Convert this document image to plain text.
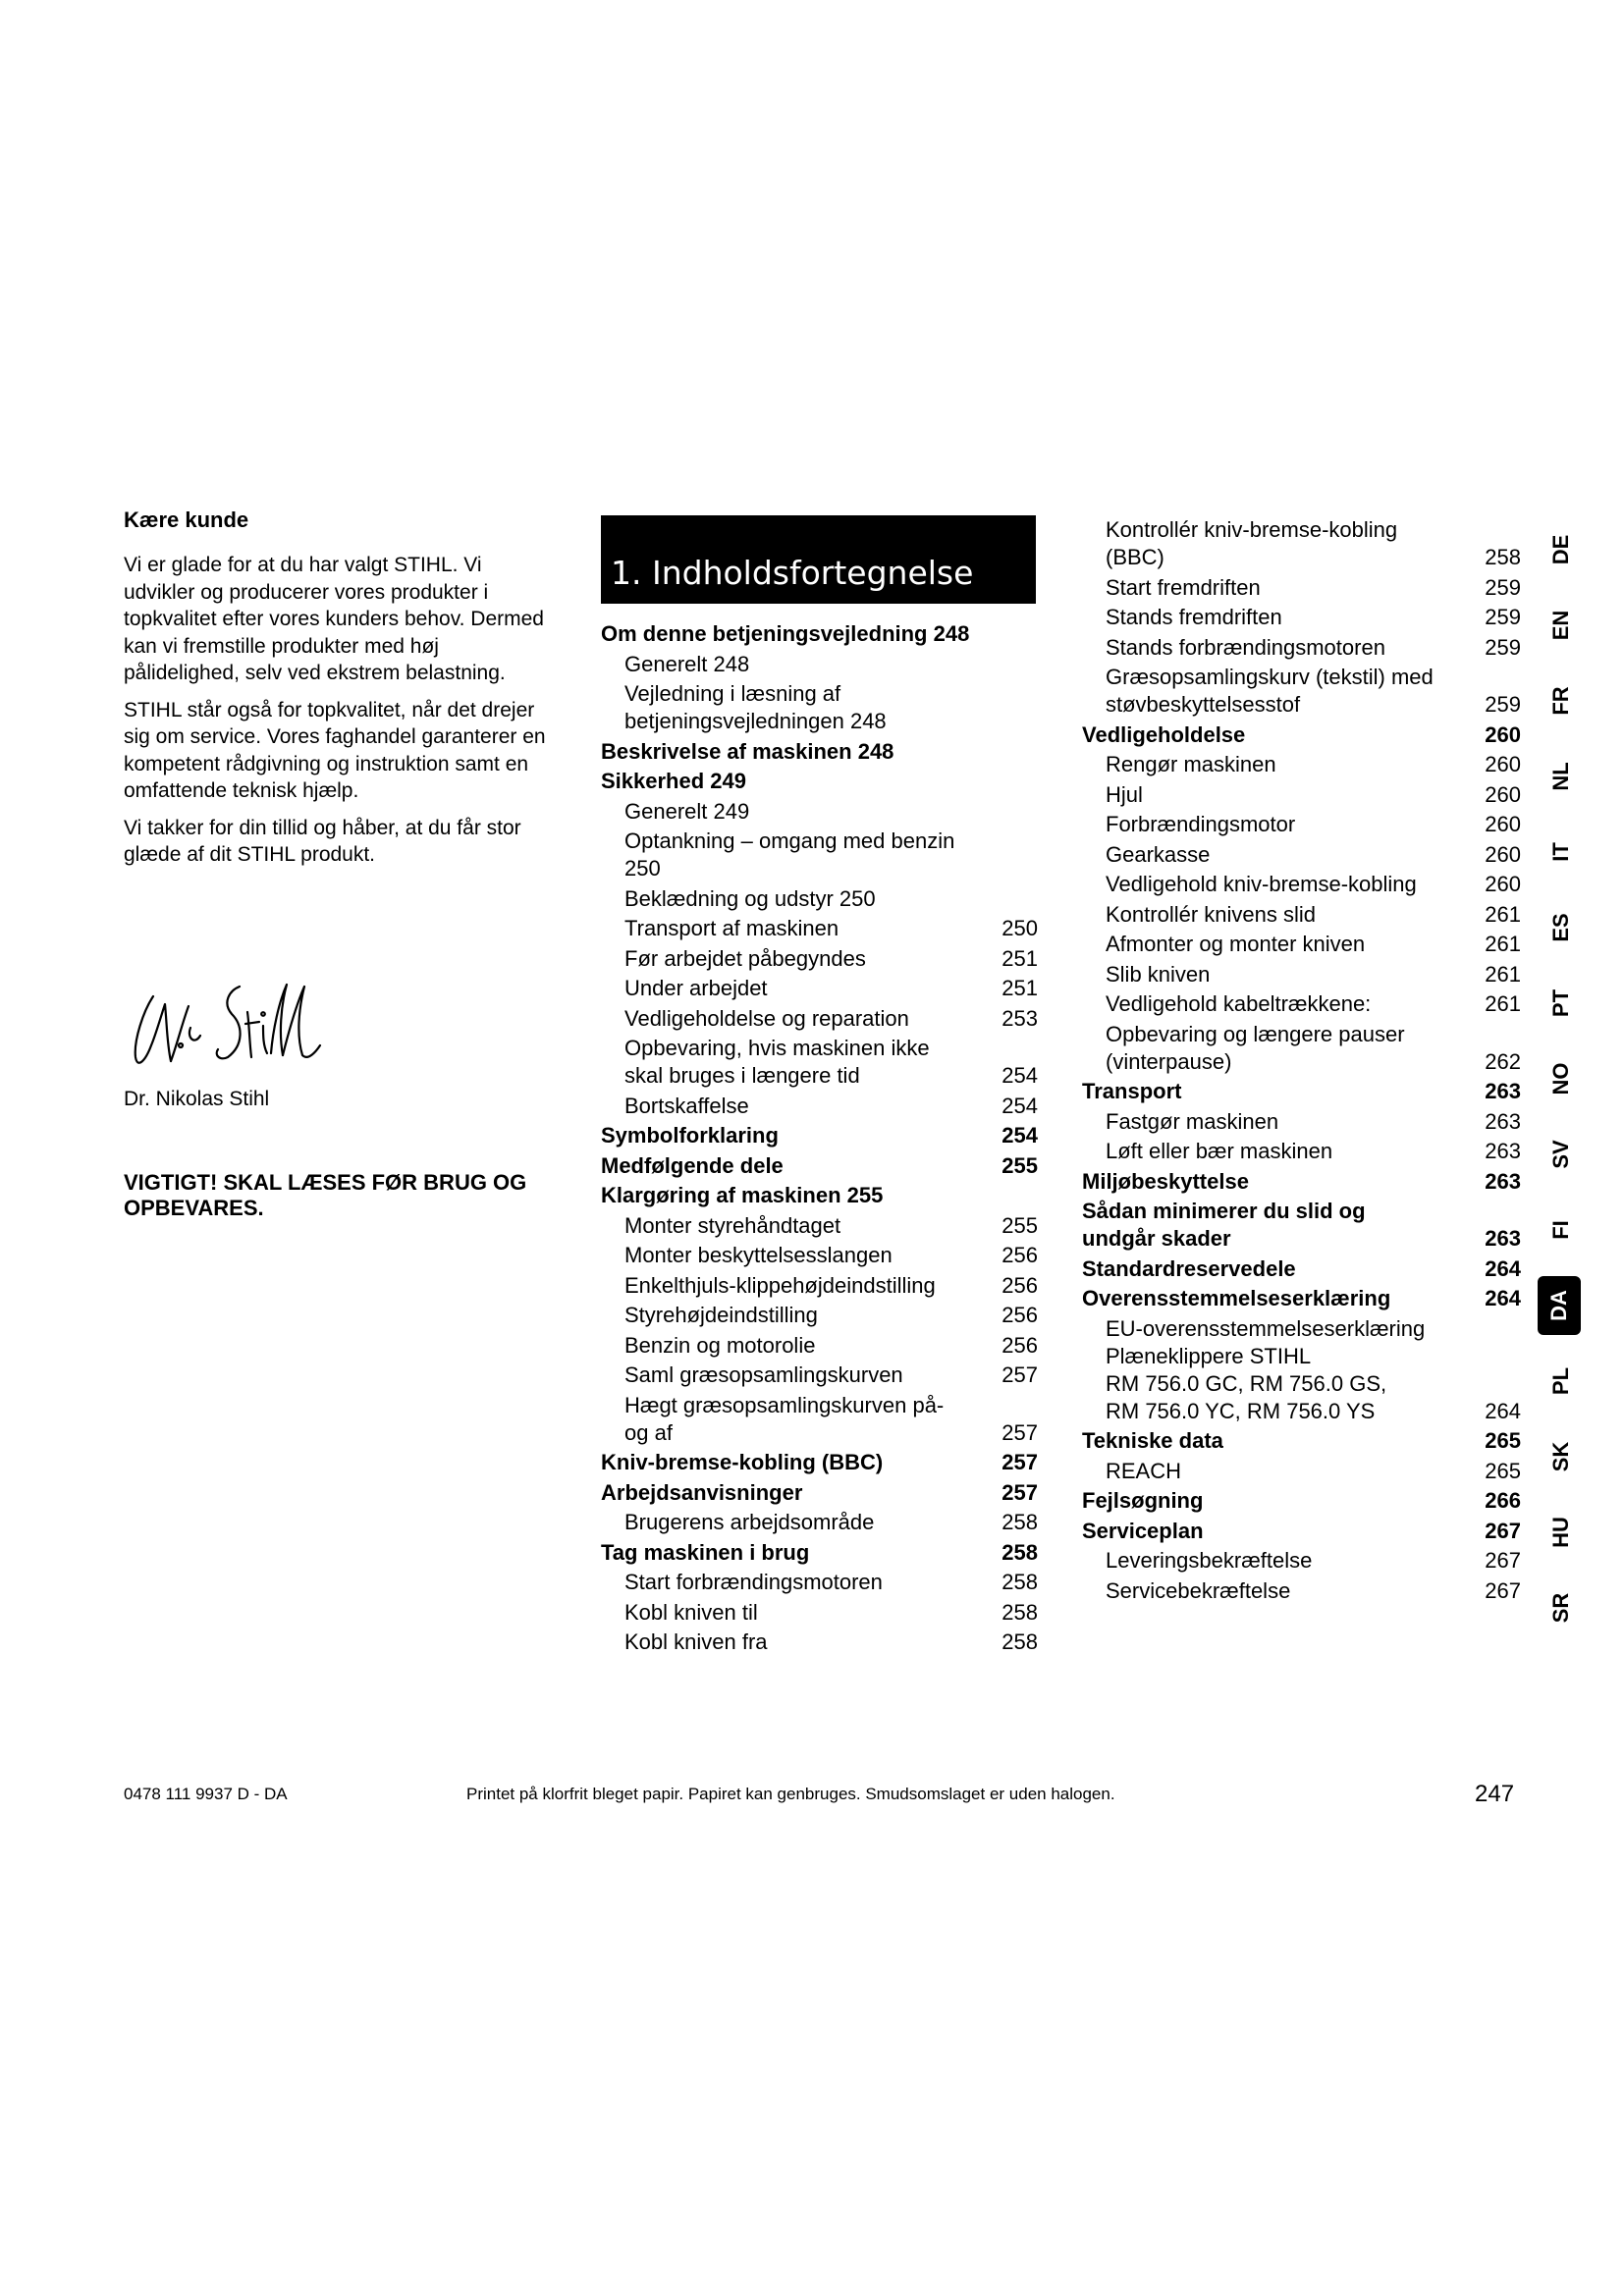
Kære kunde

Vi er glade for at du har valgt STIHL. Vi udvikler og producerer vores produkter i topkvalitet efter vores kunders behov. Dermed kan vi fremstille produkter med høj pålidelighed, selv ved ekstrem belastning.

STIHL står også for topkvalitet, når det drejer sig om service. Vores faghandel garanterer en kompetent rådgivning og instruktion samt en omfattende teknisk hjælp.

Vi takker for din tillid og håber, at du får stor glæde af dit STIHL produkt.

Dr. Nikolas Stihl
VIGTIGT! SKAL LÆSES FØR BRUG OG OPBEVARES.
1. Indholdsfortegnelse
Om denne betjeningsvejledning 248
Generelt 248
Vejledning i læsning af
betjeningsvejledningen 248
Beskrivelse af maskinen 248
Sikkerhed 249
Generelt 249
Optankning – omgang med benzin 250
Beklædning og udstyr 250
Transport af maskinen	250
Før arbejdet påbegyndes	251
Under arbejdet	251
Vedligeholdelse og reparation	253
Opbevaring, hvis maskinen ikke
skal bruges i længere tid	254
Bortskaffelse	254
Symbolforklaring	254
Medfølgende dele	255
Klargøring af maskinen 255
Monter styrehåndtaget	255
Monter beskyttelsesslangen	256
Enkelthjuls-klippehøjdeindstilling	256
Styrehøjdeindstilling	256
Benzin og motorolie	256
Saml græsopsamlingskurven	257
Hægt græsopsamlingskurven på-
og af	257
Kniv-bremse-kobling (BBC)	257
Arbejdsanvisninger	257
Brugerens arbejdsområde	258
Tag maskinen i brug	258
Start forbrændingsmotoren	258
Kobl kniven til	258
Kobl kniven fra	258
Kontrollér kniv-bremse-kobling
(BBC)	258
Start fremdriften	259
Stands fremdriften	259
Stands forbrændingsmotoren	259
Græsopsamlingskurv (tekstil) med
støvbeskyttelsesstof	259
Vedligeholdelse	260
Rengør maskinen	260
Hjul	260
Forbrændingsmotor	260
Gearkasse	260
Vedligehold kniv-bremse-kobling	260
Kontrollér knivens slid	261
Afmonter og monter kniven	261
Slib kniven	261
Vedligehold kabeltrækkene:	261
Opbevaring og længere pauser
(vinterpause)	262
Transport	263
Fastgør maskinen	263
Løft eller bær maskinen	263
Miljøbeskyttelse	263
Sådan minimerer du slid og
undgår skader	263
Standardreservedele	264
Overensstemmelseserklæring	264
EU-overensstemmelseserklæring
Plæneklippere STIHL
RM 756.0 GC, RM 756.0 GS,
RM 756.0 YC, RM 756.0 YS	264
Tekniske data	265
REACH	265
Fejlsøgning	266
Serviceplan	267
Leveringsbekræftelse	267
Servicebekræftelse	267
DE
EN
FR
NL
IT
ES
PT
NO
SV
FI
DA
PL
SK
HU
SR
0478 111 9937 D - DA	Printet på klorfrit bleget papir. Papiret kan genbruges. Smudsomslaget er uden halogen.	247
